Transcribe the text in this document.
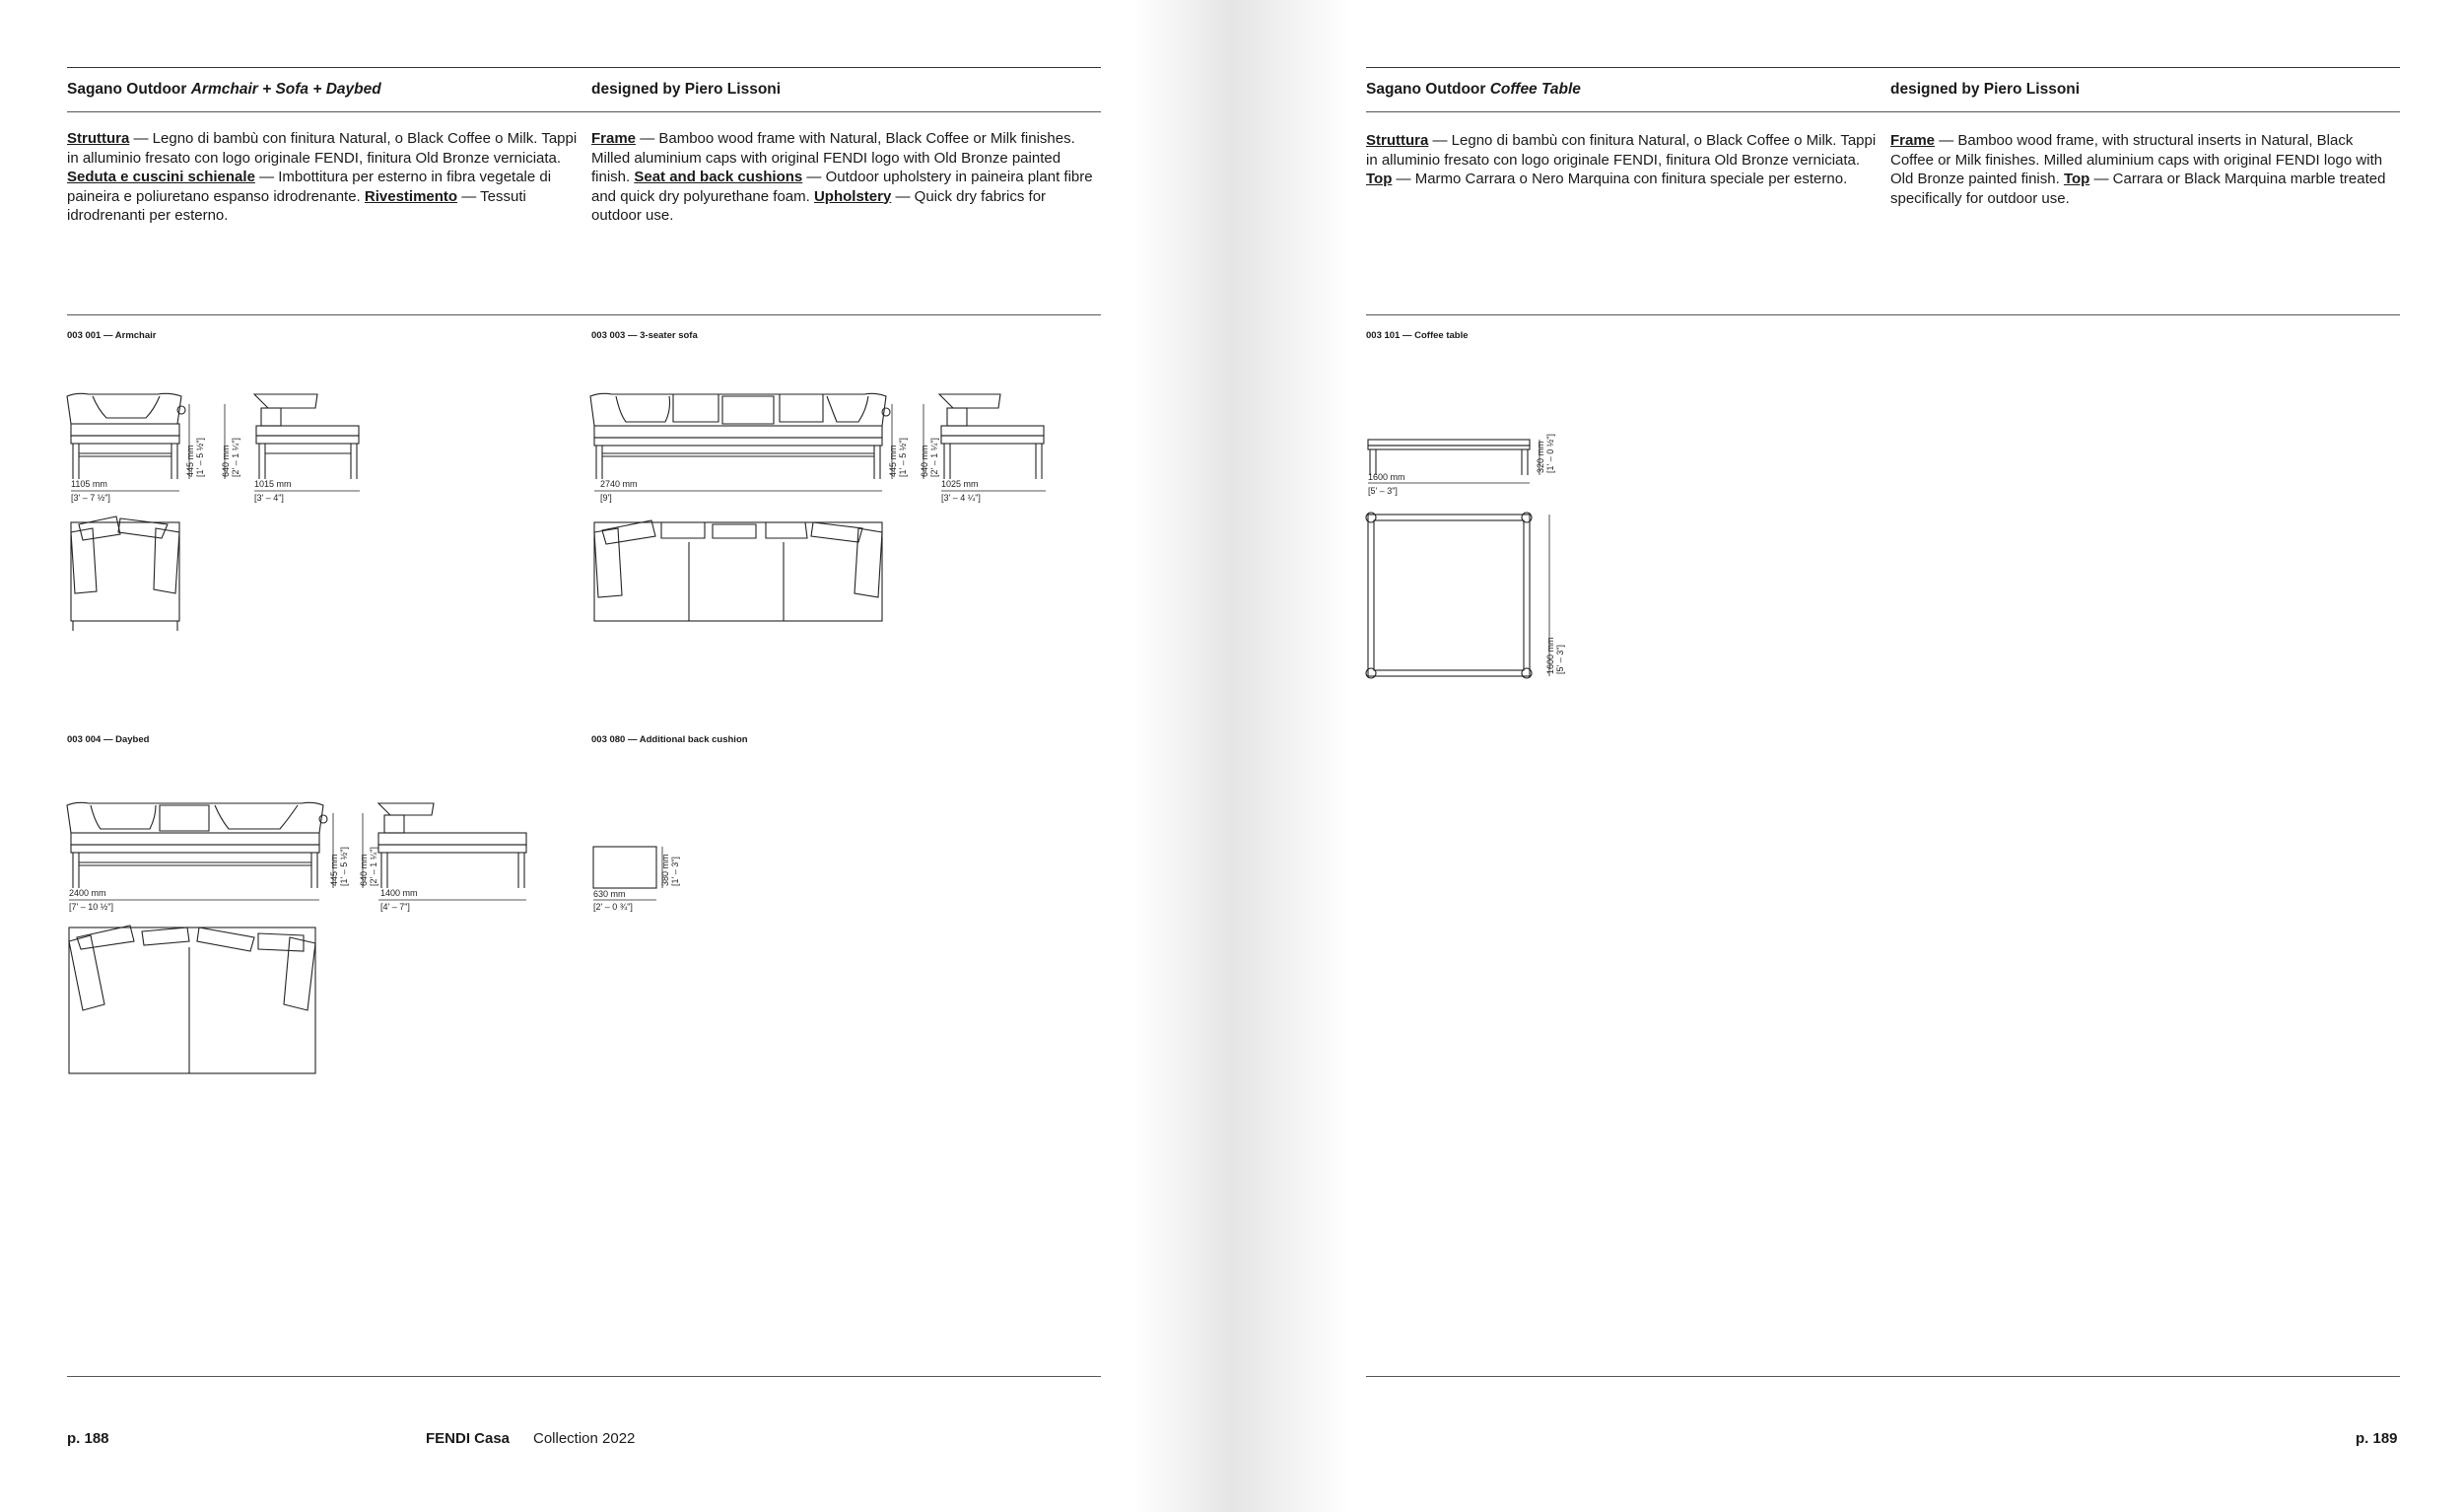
Sagano Outdoor Armchair + Sofa + Daybed	designed by Piero Lissoni
Struttura — Legno di bambù con finitura Natural, o Black Coffee o Milk. Tappi in alluminio fresato con logo originale FENDI, finitura Old Bronze verniciata. Seduta e cuscini schienale — Imbottitura per esterno in fibra vegetale di paineira e poliuretano espanso idrodrenante. Rivestimento — Tessuti idrodrenanti per esterno.
Frame — Bamboo wood frame with Natural, Black Coffee or Milk finishes. Milled aluminium caps with original FENDI logo with Old Bronze painted finish. Seat and back cushions — Outdoor upholstery in paineira plant fibre and quick dry polyurethane foam. Upholstery — Quick dry fabrics for outdoor use.
003 001 — Armchair	003 003 — 3-seater sofa
003 004 — Daybed	003 080 — Additional back cushion
1105 mm
[3' – 7 ½"]
1015 mm
[3' – 4"]
445 mm [1' – 5 ½"] 640 mm [2' – 1 ¼"]
2740 mm
[9']
1025 mm
[3' – 4 ¼"]
445 mm [1' – 5 ½"] 640 mm [2' – 1 ¼"]
2400 mm
[7' – 10 ½"]
1400 mm
[4' – 7"]
445 mm [1' – 5 ½"] 640 mm [2' – 1 ¼"]
630 mm
[2' – 0 ¾"]
380 mm [1' – 3"]
p. 188	FENDI Casa Collection 2022
Sagano Outdoor Coffee Table	designed by Piero Lissoni
Struttura — Legno di bambù con finitura Natural, o Black Coffee o Milk. Tappi in alluminio fresato con logo originale FENDI, finitura Old Bronze verniciata. Top — Marmo Carrara o Nero Marquina con finitura speciale per esterno.
Frame — Bamboo wood frame, with structural inserts in Natural, Black Coffee or Milk finishes. Milled aluminium caps with original FENDI logo with Old Bronze painted finish. Top — Carrara or Black Marquina marble treated specifically for outdoor use.
003 101 — Coffee table
1600 mm
[5' – 3"]
320 mm [1' – 0 ½"]
1600 mm [5' – 3"]
p. 189
